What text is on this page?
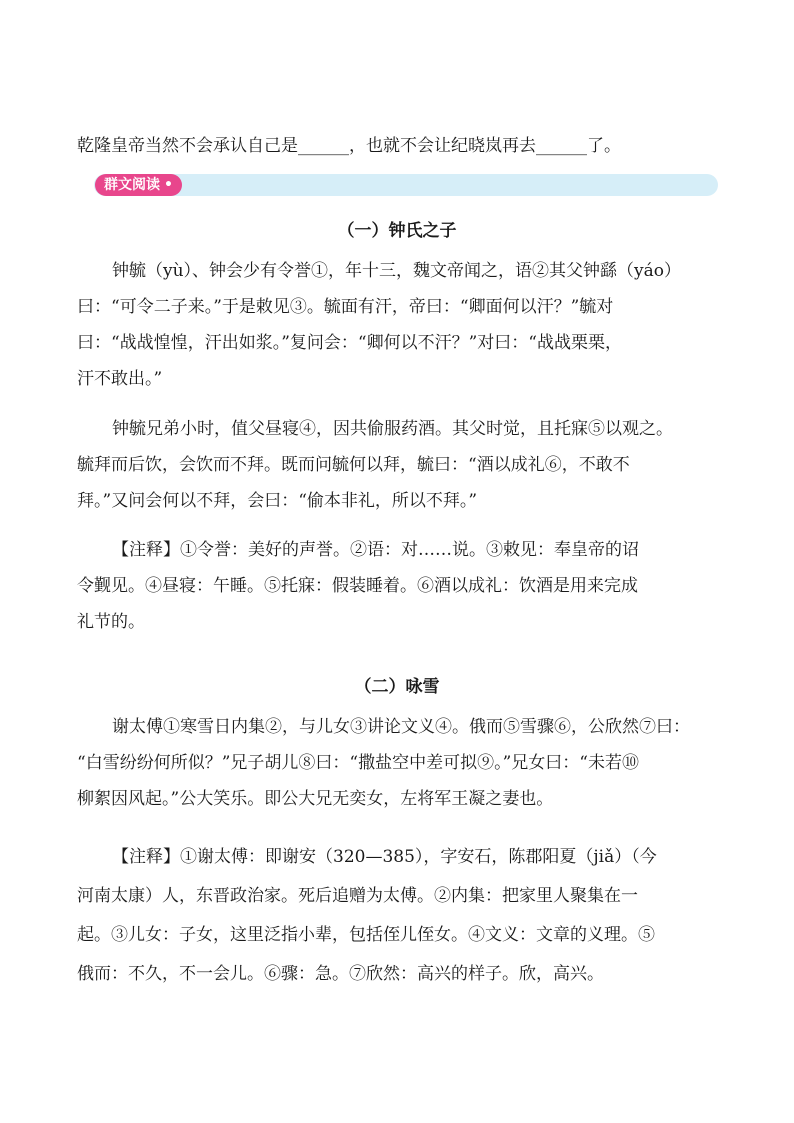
乾隆皇帝当然不会承认自己是______，也就不会让纪晓岚再去______了。
群文阅读 •
（一）钟氏之子
钟毓（yù）、钟会少有令誉①，年十三，魏文帝闻之，语②其父钟繇（yáo）
曰：“可令二子来。”于是敕见③。毓面有汗，帝曰：“卿面何以汗？”毓对
曰：“战战惶惶，汗出如浆。”复问会：“卿何以不汗？”对曰：“战战栗栗，
汗不敢出。”
钟毓兄弟小时，值父昼寝④，因共偷服药酒。其父时觉，且托寐⑤以观之。
毓拜而后饮，会饮而不拜。既而问毓何以拜，毓曰：“酒以成礼⑥，不敢不
拜。”又问会何以不拜，会曰：“偷本非礼，所以不拜。”
【注释】①令誉：美好的声誉。②语：对……说。③敕见：奉皇帝的诏
令觐见。④昼寝：午睡。⑤托寐：假装睡着。⑥酒以成礼：饮酒是用来完成
礼节的。
（二）咏雪
谢太傅①寒雪日内集②，与儿女③讲论文义④。俄而⑤雪骤⑥，公欣然⑦曰：
“白雪纷纷何所似？”兄子胡儿⑧曰：“撒盐空中差可拟⑨。”兄女曰：“未若⑩
柳絮因风起。”公大笑乐。即公大兄无奕女，左将军王凝之妻也。
【注释】①谢太傅：即谢安（320—385），字安石，陈郡阳夏（jiǎ）（今
河南太康）人，东晋政治家。死后追赠为太傅。②内集：把家里人聚集在一
起。③儿女：子女，这里泛指小辈，包括侄儿侄女。④文义：文章的义理。⑤
俄而：不久，不一会儿。⑥骤：急。⑦欣然：高兴的样子。欣，高兴。
